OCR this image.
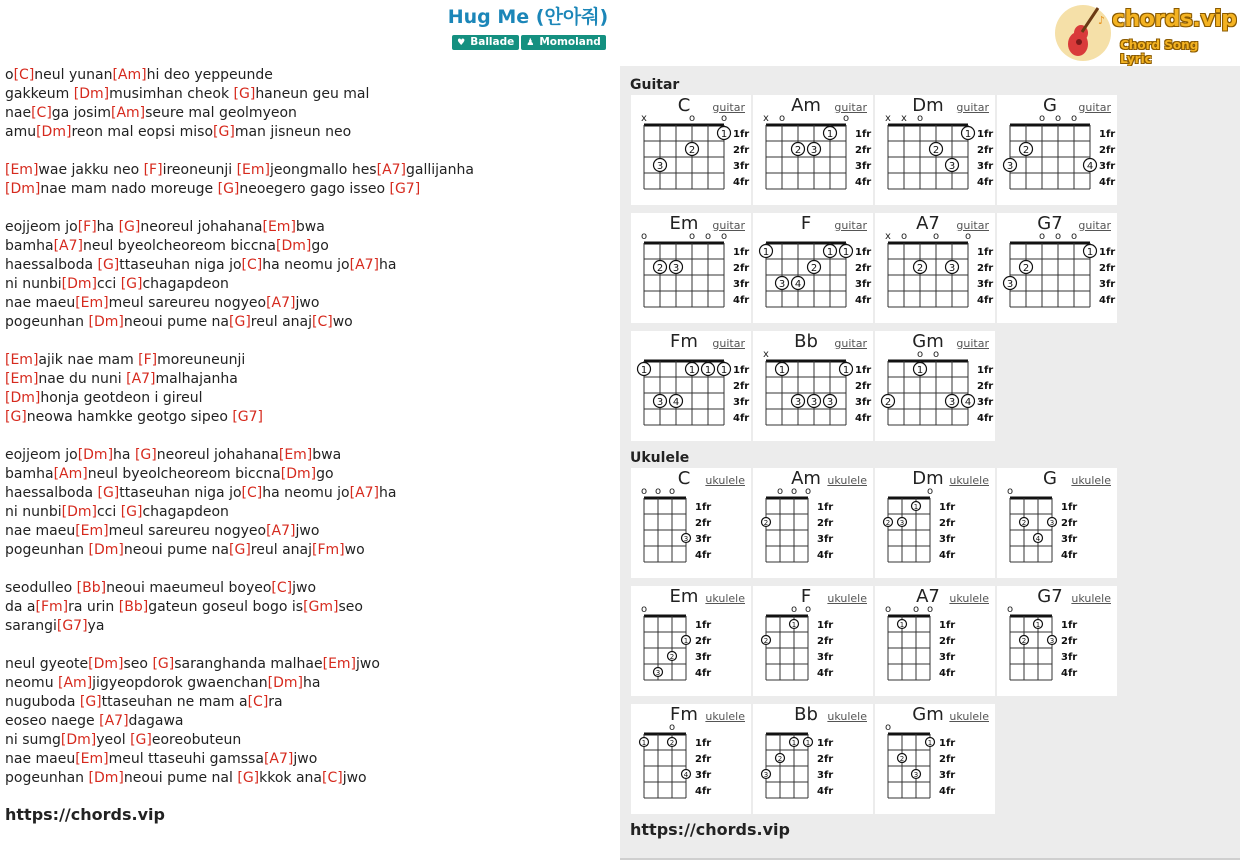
Hug Me (안아줘)
♥ Ballade ♟ Momoland
♪ chords.vip
Chord Song Lyric
o[C]neul yunan[Am]hi deo yeppeunde
gakkeum [Dm]musimhan cheok [G]haneun geu mal
nae[C]ga josim[Am]seure mal geolmyeon
amu[Dm]reon mal eopsi miso[G]man jisneun neo
[Em]wae jakku neo [F]ireoneunji [Em]jeongmallo hes[A7]gallijanha
[Dm]nae mam nado moreuge [G]neoegero gago isseo [G7]
eojjeom jo[F]ha [G]neoreul johahana[Em]bwa
bamha[A7]neul byeolcheoreom biccna[Dm]go
haessalboda [G]ttaseuhan niga jo[C]ha neomu jo[A7]ha
ni nunbi[Dm]cci [G]chagapdeon
nae maeu[Em]meul sareureu nogyeo[A7]jwo
pogeunhan [Dm]neoui pume na[G]reul anaj[C]wo
[Em]ajik nae mam [F]moreuneunji
[Em]nae du nuni [A7]malhajanha
[Dm]honja geotdeon i gireul
[G]neowa hamkke geotgo sipeo [G7]
eojjeom jo[Dm]ha [G]neoreul johahana[Em]bwa
bamha[Am]neul byeolcheoreom biccna[Dm]go
haessalboda [G]ttaseuhan niga jo[C]ha neomu jo[A7]ha
ni nunbi[Dm]cci [G]chagapdeon
nae maeu[Em]meul sareureu nogyeo[A7]jwo
pogeunhan [Dm]neoui pume na[G]reul anaj[Fm]wo
seodulleo [Bb]neoui maeumeul boyeo[C]jwo
da a[Fm]ra urin [Bb]gateun goseul bogo is[Gm]seo
sarangi[G7]ya
neul gyeote[Dm]seo [G]saranghanda malhae[Em]jwo
neomu [Am]jigyeopdorok gwaenchan[Dm]ha
nuguboda [G]ttaseuhan ne mam a[C]ra
eoseo naege [A7]dagawa
ni sumg[Dm]yeol [G]eoreobuteun
nae maeu[Em]meul ttaseuhi gamssa[A7]jwo
pogeunhan [Dm]neoui pume nal [G]kkok ana[C]jwo
https://chords.vip
Guitar
C	guitar
x	o	o
1fr
2fr
3fr
4fr
1
2
3
Am guitar
x o	o
1fr
2fr
3fr
4fr
1
2 3
Dm guitar
x x o
1fr
2fr
3fr
4fr
1
2
3
G	guitar
o o o
1fr
2fr
3fr
4fr
2
3	4
Em guitar
o	o o o
1fr
2fr
3fr
4fr
2 3
F	guitar
1fr
2fr
3fr
4fr
1	1 1
2
3 4
A7	guitar
x o	o	o
1fr
2fr
3fr
4fr
2	3
G7	guitar
o o o
1fr
2fr
3fr
4fr
1
2
3
Fm guitar
1fr
2fr
3fr
4fr
1	1 1 1
3 4
Bb	guitar
x
1fr
2fr
3fr
4fr
1	1
3 3 3
Gm guitar
o o
1fr
2fr
3fr
4fr
1
2	3 4
Ukulele
C	ukulele
o o o
1fr
2fr
3fr
4fr
3
Am ukulele
o o o
1fr
2fr
3fr
4fr
2
Dm ukulele
o
1fr
2fr
3fr
4fr
1
2 3
G	ukulele
o
1fr
2fr
3fr
4fr
2	3
4
Em ukulele
o
1fr
2fr
3fr
4fr
1
2
3
F	ukulele
o o
1fr
2fr
3fr
4fr
1
2
A7 ukulele
o o o
1fr
2fr
3fr
4fr
1
G7 ukulele
o
1fr
2fr
3fr
4fr
1
2	3
Fm ukulele
o
1fr
2fr
3fr
4fr
1	2
4
Bb ukulele
1fr
2fr
3fr
4fr
1 1
2
3
Gm ukulele
o
1fr
2fr
3fr
4fr
1
2
3
https://chords.vip
